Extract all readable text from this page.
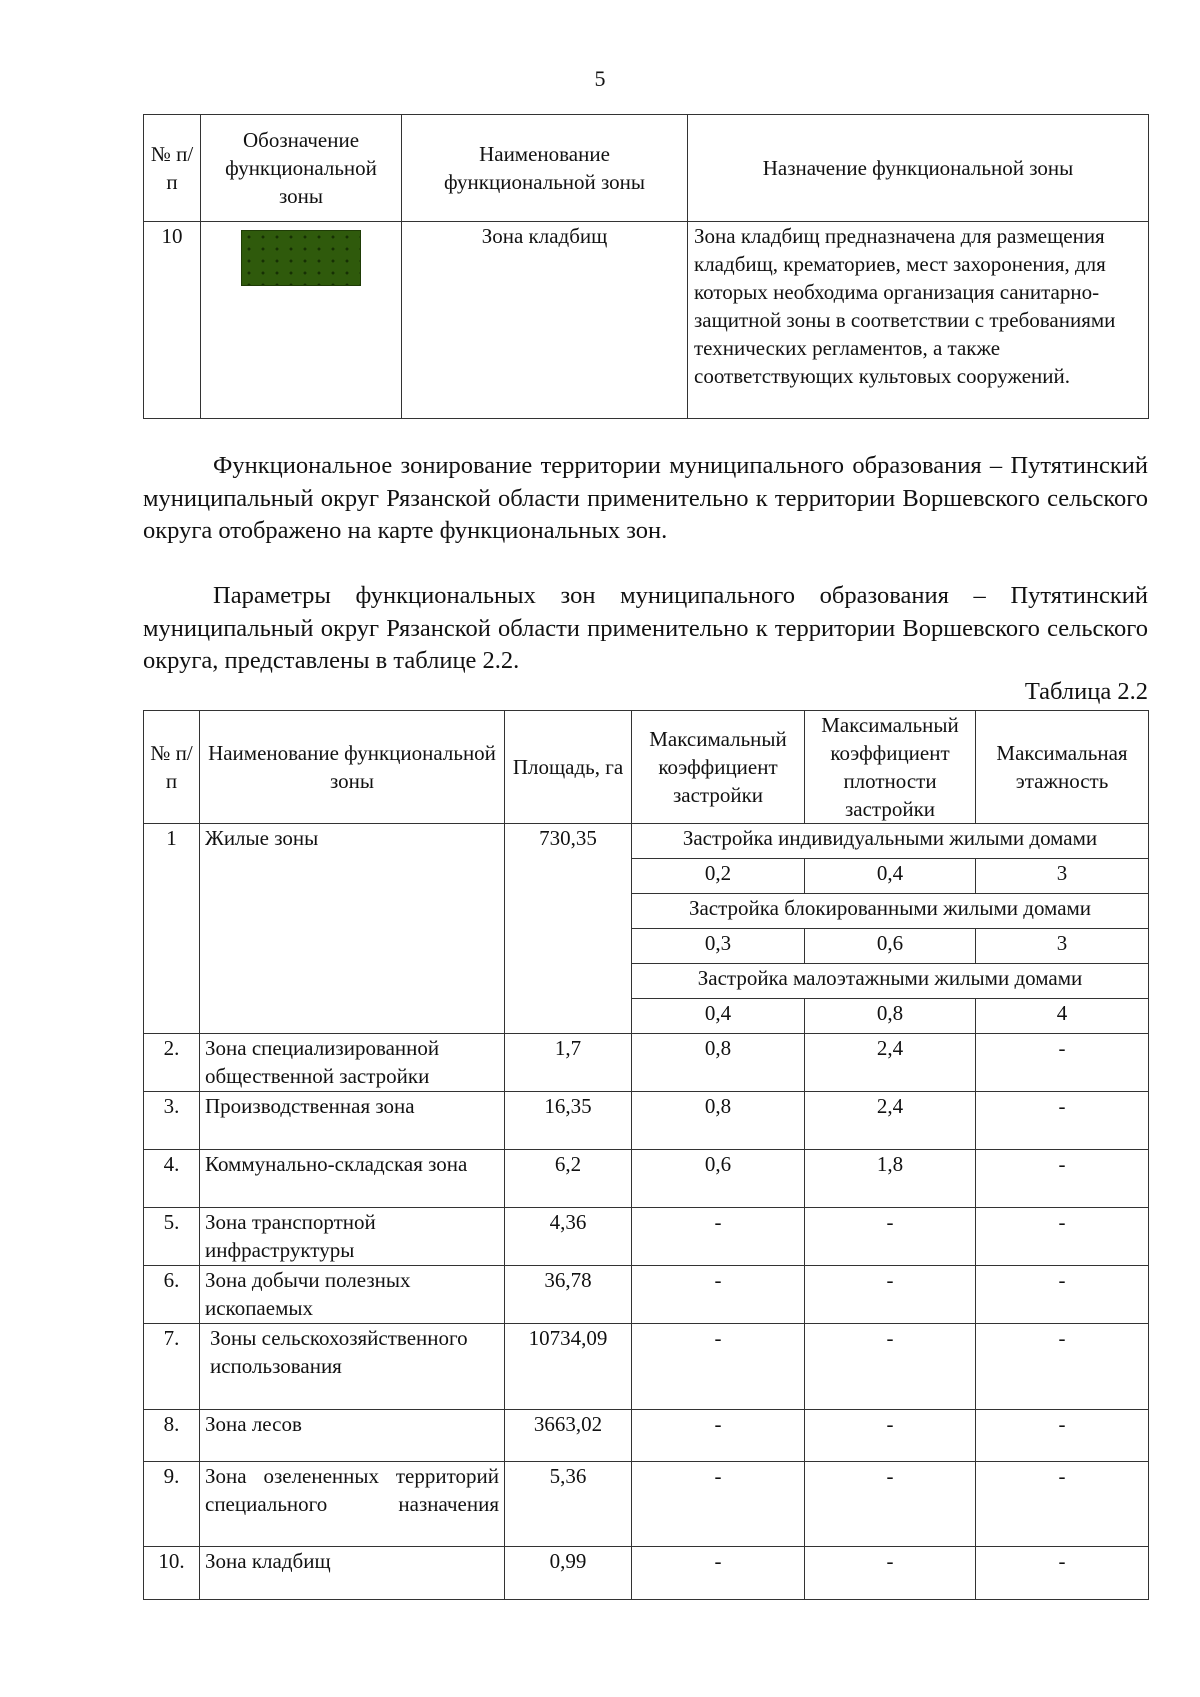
5
№ п/п	Обозначение функциональной зоны	Наименование функциональной зоны	Назначение функциональной зоны
10		Зона кладбищ	Зона кладбищ предназначена для размещения кладбищ, крематориев, мест захоронения, для которых необходима организация санитарно-защитной зоны в соответствии с требованиями технических регламентов, а также соответствующих культовых сооружений.
Функциональное зонирование территории муниципального образования – Путятинский муниципальный округ Рязанской области применительно к территории Воршевского сельского округа отображено на карте функциональных зон.
Параметры функциональных зон муниципального образования – Путятинский муниципальный округ Рязанской области применительно к территории Воршевского сельского округа, представлены в таблице 2.2.
Таблица 2.2
№ п/п	Наименование функциональной зоны	Площадь, га	Максимальный коэффициент застройки	Максимальный коэффициент плотности застройки	Максимальная этажность
1	Жилые зоны	730,35	Застройка индивидуальными жилыми домами		
			0,2	0,4	3
			Застройка блокированными жилыми домами		
			0,3	0,6	3
			Застройка малоэтажными жилыми домами		
			0,4	0,8	4
2.	Зона специализированной общественной застройки	1,7	0,8	2,4	-
3.	Производственная зона	16,35	0,8	2,4	-
4.	Коммунально-складская зона	6,2	0,6	1,8	-
5.	Зона транспортной инфраструктуры	4,36	-	-	-
6.	Зона добычи полезных ископаемых	36,78	-	-	-
7.	Зоны сельскохозяйственного использования	10734,09	-	-	-
8.	Зона лесов	3663,02	-	-	-
9.	Зона озелененных территорий специального назначения	5,36	-	-	-
10.	Зона кладбищ	0,99	-	-	-
